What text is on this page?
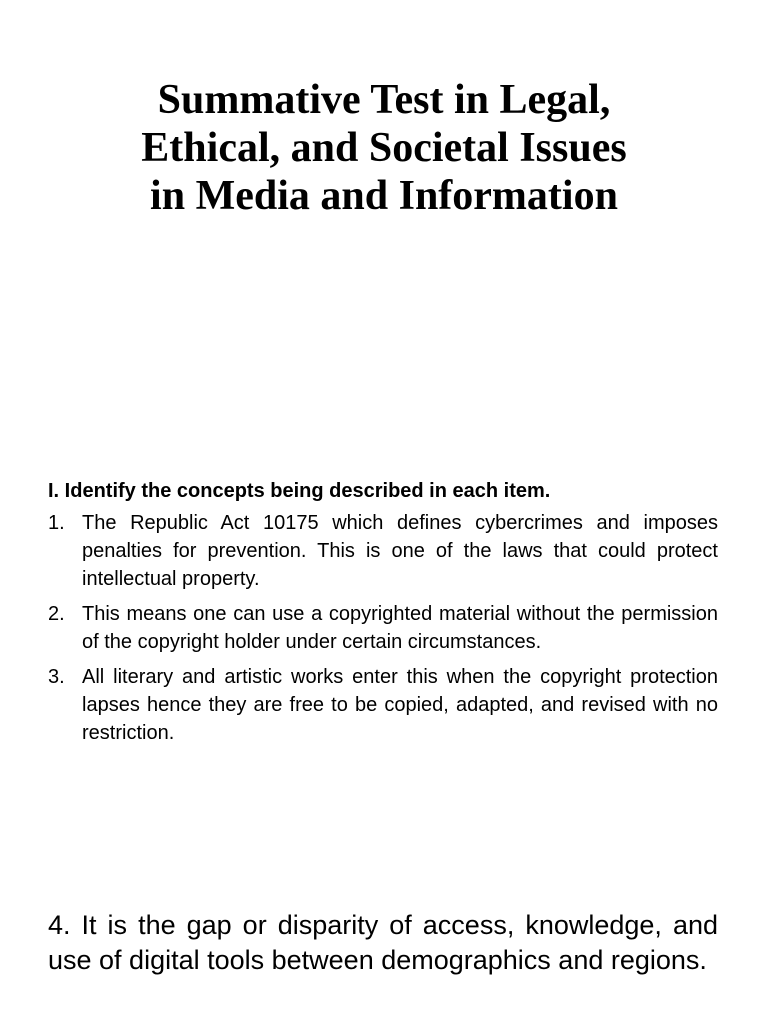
Summative Test in Legal,
Ethical, and Societal Issues
in Media and Information

I. Identify the concepts being described in each item.

1. The Republic Act 10175 which defines cybercrimes and imposes penalties for prevention. This is one of the laws that could protect intellectual property.
2. This means one can use a copyrighted material without the permission of the copyright holder under certain circumstances.
3. All literary and artistic works enter this when the copyright protection lapses hence they are free to be copied, adapted, and revised with no restriction.

4. It is the gap or disparity of access, knowledge, and use of digital tools between demographics and regions.
